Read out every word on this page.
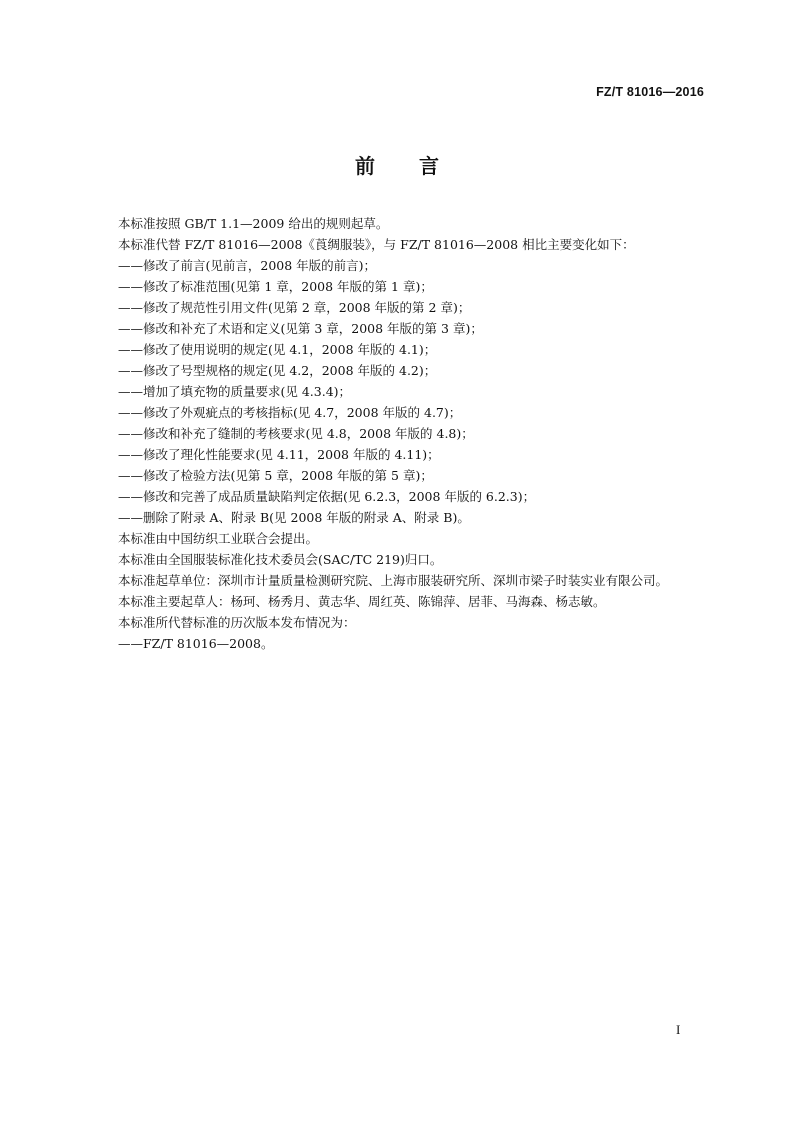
FZ/T 81016—2016
前言
本标准按照 GB/T 1.1—2009 给出的规则起草。
本标准代替 FZ/T 81016—2008《莨绸服装》，与 FZ/T 81016—2008 相比主要变化如下：
——修改了前言(见前言，2008 年版的前言)；
——修改了标准范围(见第 1 章，2008 年版的第 1 章)；
——修改了规范性引用文件(见第 2 章，2008 年版的第 2 章)；
——修改和补充了术语和定义(见第 3 章，2008 年版的第 3 章)；
——修改了使用说明的规定(见 4.1，2008 年版的 4.1)；
——修改了号型规格的规定(见 4.2，2008 年版的 4.2)；
——增加了填充物的质量要求(见 4.3.4)；
——修改了外观疵点的考核指标(见 4.7，2008 年版的 4.7)；
——修改和补充了缝制的考核要求(见 4.8，2008 年版的 4.8)；
——修改了理化性能要求(见 4.11，2008 年版的 4.11)；
——修改了检验方法(见第 5 章，2008 年版的第 5 章)；
——修改和完善了成品质量缺陷判定依据(见 6.2.3，2008 年版的 6.2.3)；
——删除了附录 A、附录 B(见 2008 年版的附录 A、附录 B)。
本标准由中国纺织工业联合会提出。
本标准由全国服装标准化技术委员会(SAC/TC 219)归口。
本标准起草单位：深圳市计量质量检测研究院、上海市服装研究所、深圳市梁子时装实业有限公司。
本标准主要起草人：杨珂、杨秀月、黄志华、周红英、陈锦萍、居菲、马海森、杨志敏。
本标准所代替标准的历次版本发布情况为：
——FZ/T 81016—2008。
I
